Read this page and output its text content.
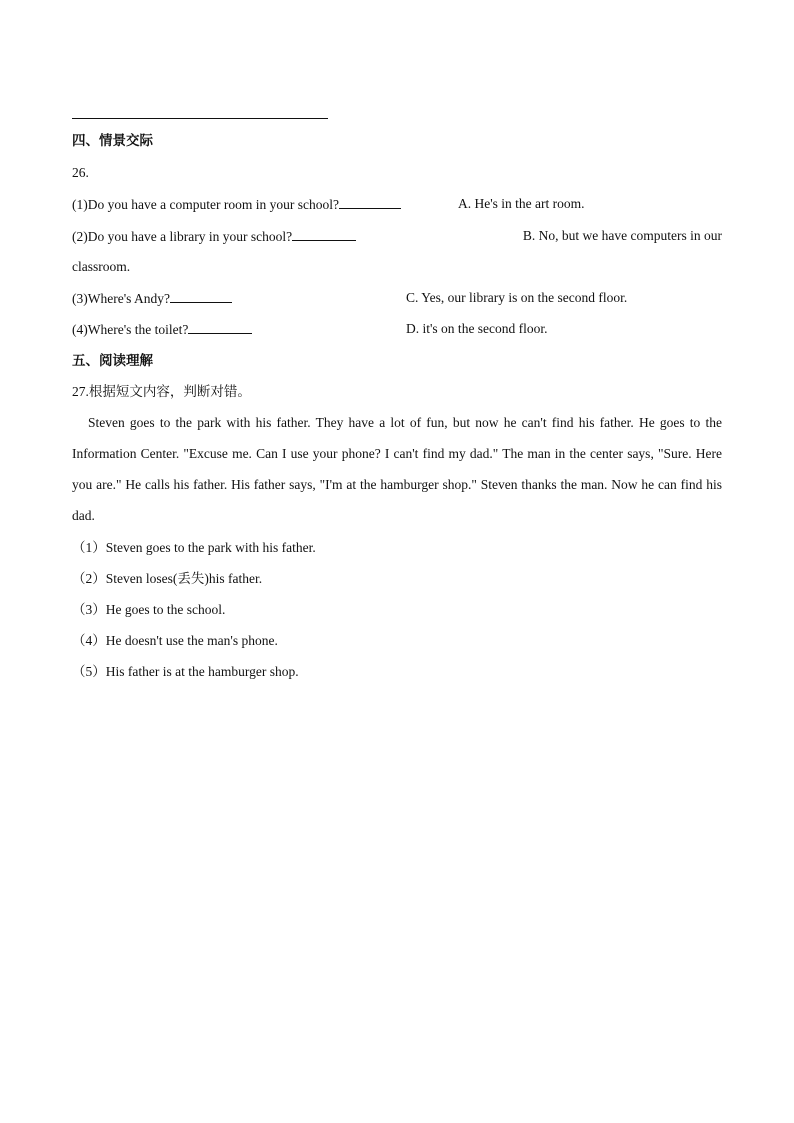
四、情景交际
26.
(1)Do you have a computer room in your school?	A. He's in the art room.
(2)Do you have a library in your school?	B. No, but we have computers in our
classroom.
(3)Where's Andy?	C. Yes, our library is on the second floor.
(4)Where's the toilet?	D. it's on the second floor.
五、阅读理解
27.根据短文内容，判断对错。

Steven goes to the park with his father. They have a lot of fun, but now he can't find his father. He goes to the Information Center. "Excuse me. Can I use your phone? I can't find my dad." The man in the center says, "Sure. Here you are." He calls his father. His father says, "I'm at the hamburger shop." Steven thanks the man. Now he can find his dad.

（1）Steven goes to the park with his father.
（2）Steven loses(丢失)his father.
（3）He goes to the school.
（4）He doesn't use the man's phone.
（5）His father is at the hamburger shop.
